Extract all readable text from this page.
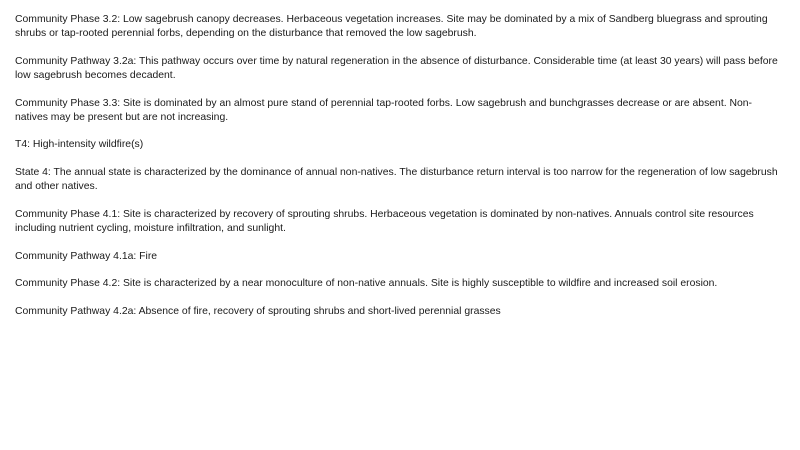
Community Phase 3.2: Low sagebrush canopy decreases. Herbaceous vegetation increases. Site may be dominated by a mix of Sandberg bluegrass and sprouting shrubs or tap-rooted perennial forbs, depending on the disturbance that removed the low sagebrush.

Community Pathway 3.2a: This pathway occurs over time by natural regeneration in the absence of disturbance. Considerable time (at least 30 years) will pass before low sagebrush becomes decadent.

Community Phase 3.3: Site is dominated by an almost pure stand of perennial tap-rooted forbs. Low sagebrush and bunchgrasses decrease or are absent. Non-natives may be present but are not increasing.

T4: High-intensity wildfire(s)

State 4: The annual state is characterized by the dominance of annual non-natives. The disturbance return interval is too narrow for the regeneration of low sagebrush and other natives.

Community Phase 4.1: Site is characterized by recovery of sprouting shrubs. Herbaceous vegetation is dominated by non-natives. Annuals control site resources including nutrient cycling, moisture infiltration, and sunlight.

Community Pathway 4.1a: Fire

Community Phase 4.2: Site is characterized by a near monoculture of non-native annuals. Site is highly susceptible to wildfire and increased soil erosion.

Community Pathway 4.2a: Absence of fire, recovery of sprouting shrubs and short-lived perennial grasses
